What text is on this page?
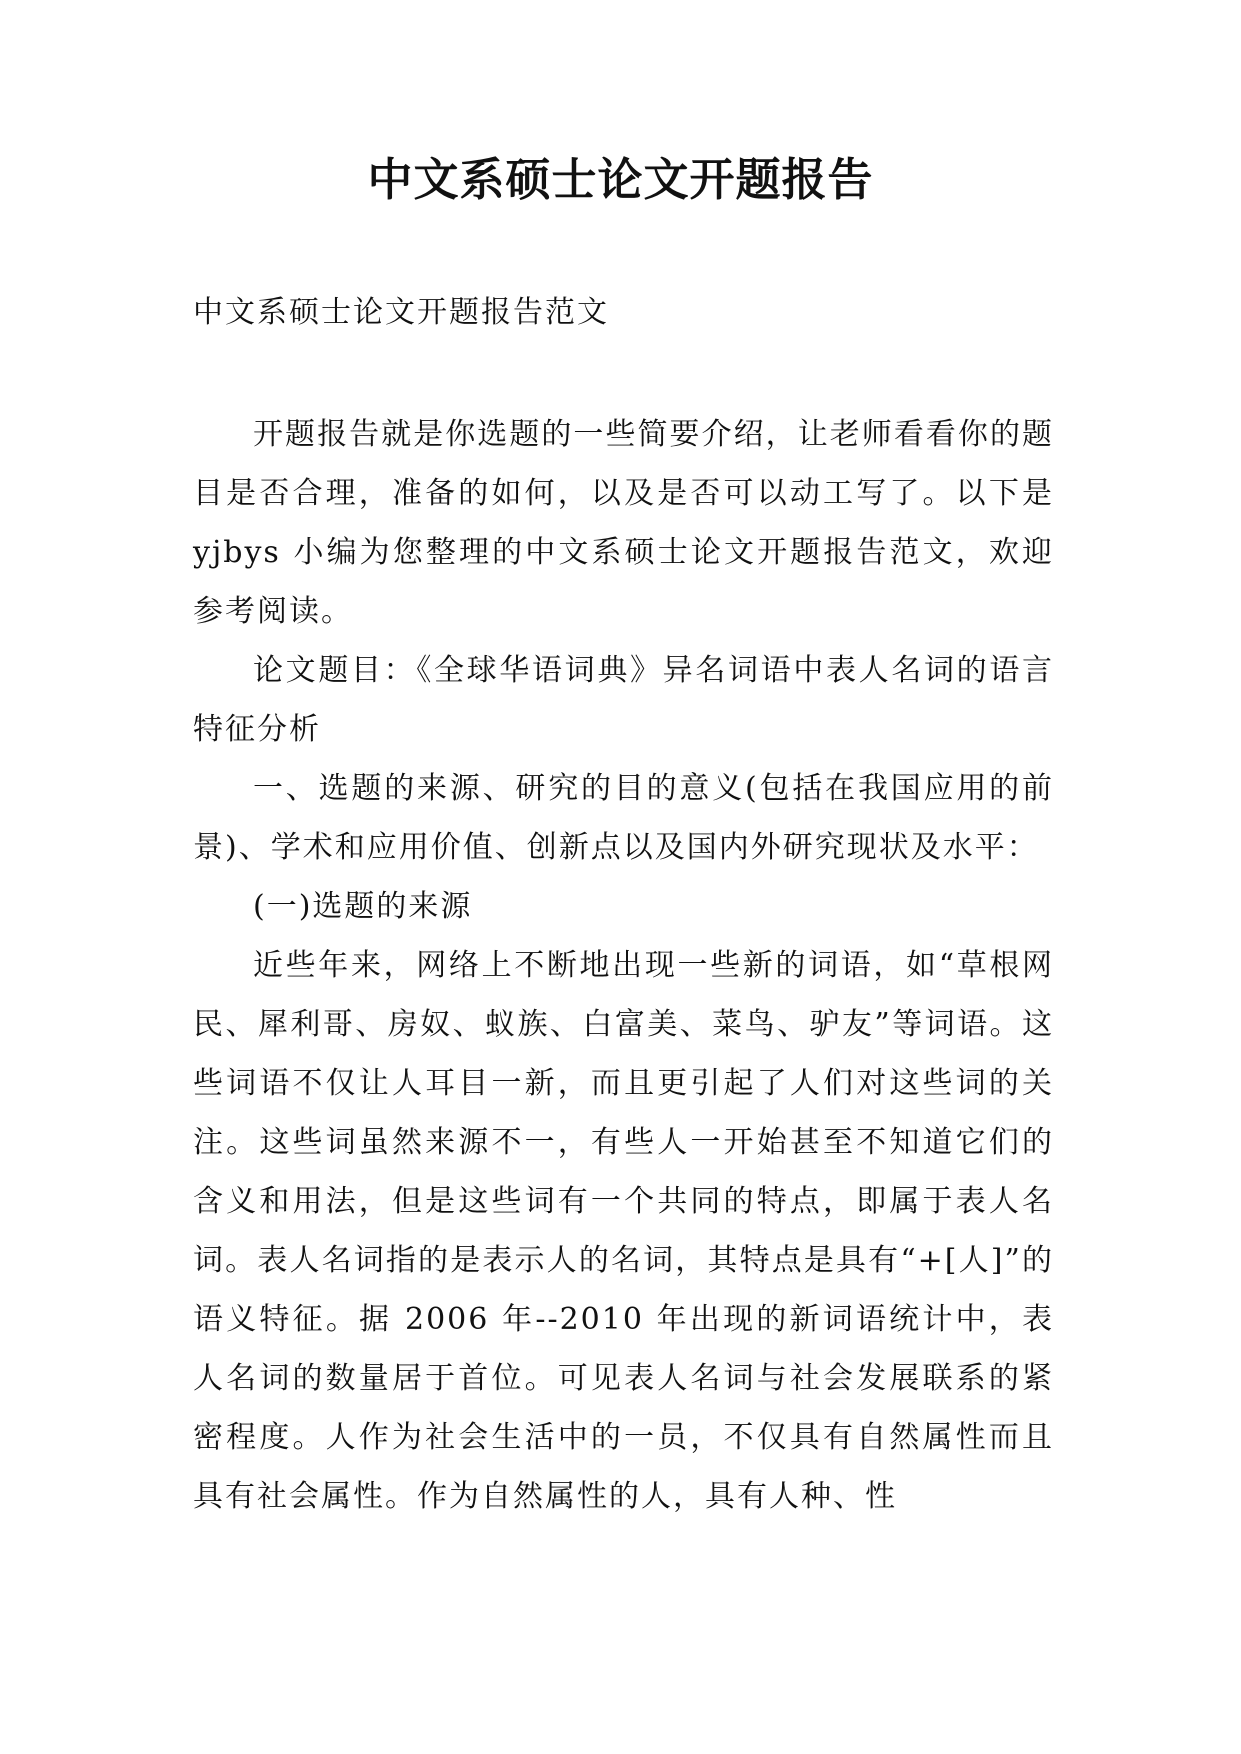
中文系硕士论文开题报告

中文系硕士论文开题报告范文

开题报告就是你选题的一些简要介绍，让老师看看你的题目是否合理，准备的如何，以及是否可以动工写了。以下是 yjbys 小编为您整理的中文系硕士论文开题报告范文，欢迎参考阅读。

论文题目：《全球华语词典》异名词语中表人名词的语言特征分析

一、选题的来源、研究的目的意义(包括在我国应用的前景)、学术和应用价值、创新点以及国内外研究现状及水平：

(一)选题的来源

近些年来，网络上不断地出现一些新的词语，如“草根网民、犀利哥、房奴、蚁族、白富美、菜鸟、驴友”等词语。这些词语不仅让人耳目一新，而且更引起了人们对这些词的关注。这些词虽然来源不一，有些人一开始甚至不知道它们的含义和用法，但是这些词有一个共同的特点，即属于表人名词。表人名词指的是表示人的名词，其特点是具有“+[人]”的语义特征。据 2006 年--2010 年出现的新词语统计中，表人名词的数量居于首位。可见表人名词与社会发展联系的紧密程度。人作为社会生活中的一员，不仅具有自然属性而且具有社会属性。作为自然属性的人，具有人种、性
